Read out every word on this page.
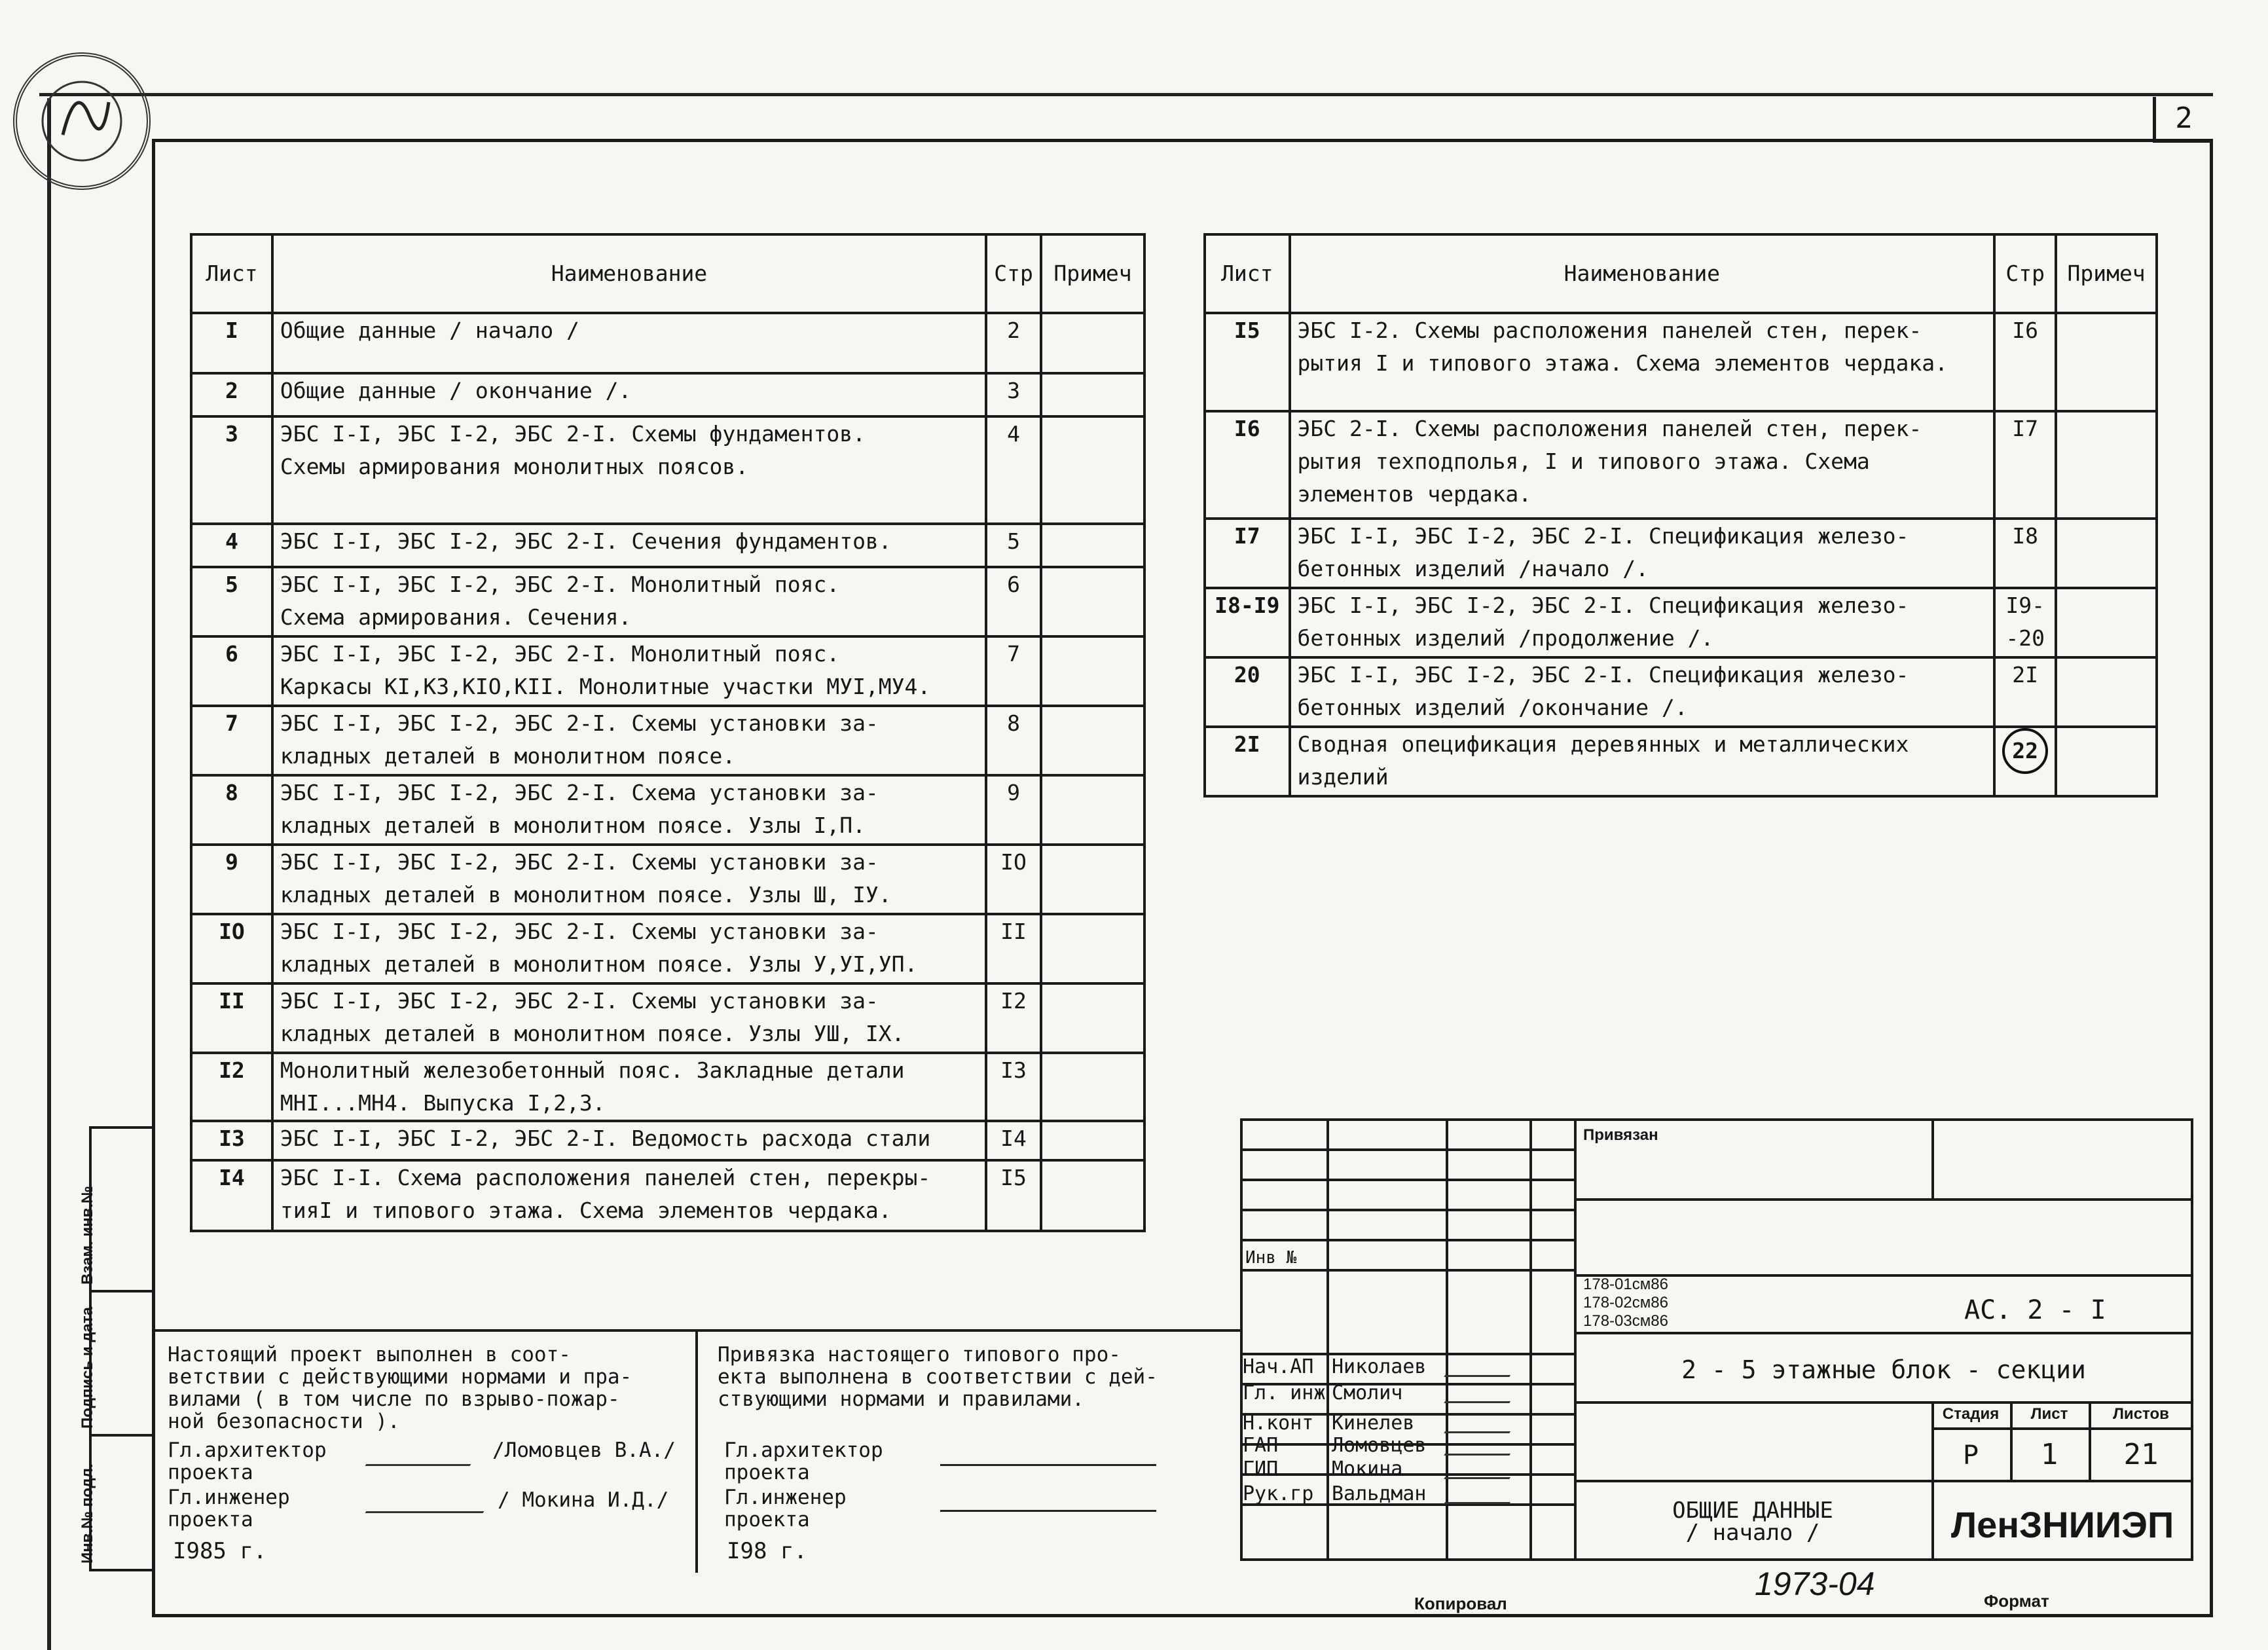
2
Лист	Наименование	Стр	Примеч
I	Общие данные / начало /	2	
2	Общие данные / окончание /.	3	
3	ЭБС I-I, ЭБС I-2, ЭБС 2-I. Схемы фундаментов.
Схемы армирования монолитных поясов.	4	
4	ЭБС I-I, ЭБС I-2, ЭБС 2-I. Сечения фундаментов.	5	
5	ЭБС I-I, ЭБС I-2, ЭБС 2-I. Монолитный пояс.
Схема армирования. Сечения.	6	
6	ЭБС I-I, ЭБС I-2, ЭБС 2-I. Монолитный пояс.
Каркасы KI,K3,KIO,KII. Монолитные участки МУI,МУ4.	7	
7	ЭБС I-I, ЭБС I-2, ЭБС 2-I. Схемы установки за-
кладных деталей в монолитном поясе.	8	
8	ЭБС I-I, ЭБС I-2, ЭБС 2-I. Схема установки за-
кладных деталей в монолитном поясе. Узлы I,П.	9	
9	ЭБС I-I, ЭБС I-2, ЭБС 2-I. Схемы установки за-
кладных деталей в монолитном поясе. Узлы Ш, IУ.	IO	
IO	ЭБС I-I, ЭБС I-2, ЭБС 2-I. Схемы установки за-
кладных деталей в монолитном поясе. Узлы У,УI,УП.	II	
II	ЭБС I-I, ЭБС I-2, ЭБС 2-I. Схемы установки за-
кладных деталей в монолитном поясе. Узлы УШ, IX.	I2	
I2	Монолитный железобетонный пояс. Закладные детали
МНI...МН4. Выпуска I,2,3.	I3	
I3	ЭБС I-I, ЭБС I-2, ЭБС 2-I. Ведомость расхода стали	I4	
I4	ЭБС I-I. Схема расположения панелей стен, перекры-
тияI и типового этажа. Схема элементов чердака.	I5	
Лист	Наименование	Стр	Примеч
I5	ЭБС I-2. Схемы расположения панелей стен, перек-
рытия I и типового этажа. Схема элементов чердака.	I6	
I6	ЭБС 2-I. Схемы расположения панелей стен, перек-
рытия техподполья, I и типового этажа. Схема
элементов чердака.	I7	
I7	ЭБС I-I, ЭБС I-2, ЭБС 2-I. Спецификация железо-
бетонных изделий /начало /.	I8	
I8-I9	ЭБС I-I, ЭБС I-2, ЭБС 2-I. Спецификация железо-
бетонных изделий /продолжение /.	I9-
-20	
20	ЭБС I-I, ЭБС I-2, ЭБС 2-I. Спецификация железо-
бетонных изделий /окончание /.	2I	
2I	Сводная опецификация деревянных и металлических
изделий	22	
Взам. инв.№
Подпись и дата
Инв.№ подл.
Настоящий проект выполнен в соот-
ветствии с действующими нормами и пра-
вилами ( в том числе по взрыво-пожар-
ной безопасности ).
Гл.архитектор
проекта
/Ломовцев В.А./
Гл.инженер
проекта
/ Мокина И.Д./
I985 г.
Привязка настоящего типового про-
екта выполнена в соответствии с дей-
ствующими нормами и правилами.
Гл.архитектор
проекта
Гл.инженер
проекта
I98 г.
Инв №
Нач.АП Николаев
Гл. инж Смолич
Н.конт Кинелев
ГАП	Ломовцев
ГИП	Мокина
Рук.гр Вальдман
Привязан
178-01см86
178-02см86
178-03см86	АС. 2 - I
2 - 5 этажные блок - секции
Стадия	Лист	Листов
Р	1	21
ОБЩИЕ ДАННЫЕ
/ начало /	ЛенЗНИИЭП
Копировал
1973-04	Формат
